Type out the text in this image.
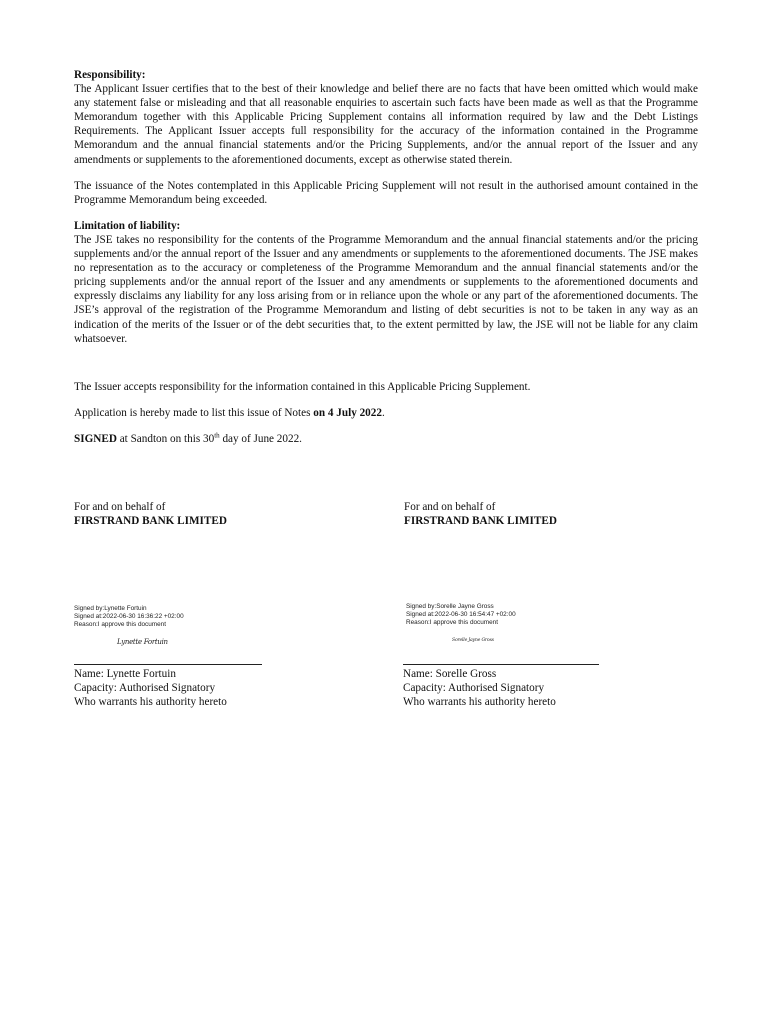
Responsibility:

The Applicant Issuer certifies that to the best of their knowledge and belief there are no facts that have been omitted which would make any statement false or misleading and that all reasonable enquiries to ascertain such facts have been made as well as that the Programme Memorandum together with this Applicable Pricing Supplement contains all information required by law and the Debt Listings Requirements. The Applicant Issuer accepts full responsibility for the accuracy of the information contained in the Programme Memorandum and the annual financial statements and/or the Pricing Supplements, and/or the annual report of the Issuer and any amendments or supplements to the aforementioned documents, except as otherwise stated therein.

The issuance of the Notes contemplated in this Applicable Pricing Supplement will not result in the authorised amount contained in the Programme Memorandum being exceeded.

Limitation of liability:

The JSE takes no responsibility for the contents of the Programme Memorandum and the annual financial statements and/or the pricing supplements and/or the annual report of the Issuer and any amendments or supplements to the aforementioned documents. The JSE makes no representation as to the accuracy or completeness of the Programme Memorandum and the annual financial statements and/or the pricing supplements and/or the annual report of the Issuer and any amendments or supplements to the aforementioned documents and expressly disclaims any liability for any loss arising from or in reliance upon the whole or any part of the aforementioned documents. The JSE’s approval of the registration of the Programme Memorandum and listing of debt securities is not to be taken in any way as an indication of the merits of the Issuer or of the debt securities that, to the extent permitted by law, the JSE will not be liable for any claim whatsoever.

The Issuer accepts responsibility for the information contained in this Applicable Pricing Supplement.

Application is hereby made to list this issue of Notes on 4 July 2022.

SIGNED at Sandton on this 30th day of June 2022.

For and on behalf of
FIRSTRAND BANK LIMITED
Signed by:Lynette Fortuin
Signed at:2022-06-30 16:36:22 +02:00
Reason:I approve this document
Lynette Fortuin
Name: Lynette Fortuin
Capacity: Authorised Signatory
Who warrants his authority hereto
For and on behalf of
FIRSTRAND BANK LIMITED
Signed by:Sorelle Jayne Gross
Signed at:2022-06-30 16:54:47 +02:00
Reason:I approve this document
Sorelle Jayne Gross
Name: Sorelle Gross
Capacity: Authorised Signatory
Who warrants his authority hereto
